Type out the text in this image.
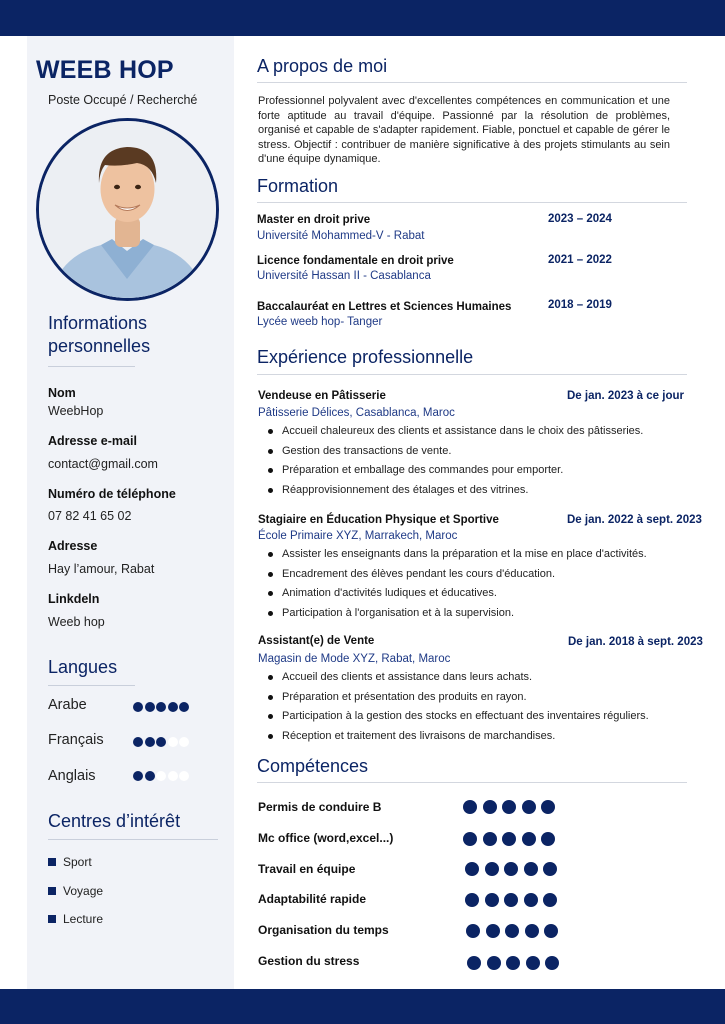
WEEB HOP
Poste Occupé / Recherché
Informations
personnelles
Nom
WeebHop
Adresse e-mail
contact@gmail.com
Numéro de téléphone
07 82 41 65 02
Adresse
Hay l’amour, Rabat
Linkdeln
Weeb hop
Langues
Arabe
Français
Anglais
Centres d’intérêt
Sport
Voyage
Lecture
A propos de moi
Professionnel polyvalent avec d'excellentes compétences en communication et une forte aptitude au travail d'équipe. Passionné par la résolution de problèmes, organisé et capable de s'adapter rapidement. Fiable, ponctuel et capable de gérer le stress. Objectif : contribuer de manière significative à des projets stimulants au sein d'une équipe dynamique.
Formation
Master en droit prive	2023 – 2024
Université Mohammed-V - Rabat
Licence fondamentale en droit prive	2021 – 2022
Université Hassan II - Casablanca
Baccalauréat en Lettres et Sciences Humaines	2018 – 2019
Lycée weeb hop- Tanger
Expérience professionnelle
Vendeuse en Pâtisserie	De jan. 2023 à ce jour
Pâtisserie Délices, Casablanca, Maroc
Accueil chaleureux des clients et assistance dans le choix des pâtisseries.
Gestion des transactions de vente.
Préparation et emballage des commandes pour emporter.
Réapprovisionnement des étalages et des vitrines.
Stagiaire en Éducation Physique et Sportive	De jan. 2022 à sept. 2023
École Primaire XYZ, Marrakech, Maroc
Assister les enseignants dans la préparation et la mise en place d'activités.
Encadrement des élèves pendant les cours d'éducation.
Animation d'activités ludiques et éducatives.
Participation à l'organisation et à la supervision.
Assistant(e) de Vente	De jan. 2018 à sept. 2023
Magasin de Mode XYZ, Rabat, Maroc
Accueil des clients et assistance dans leurs achats.
Préparation et présentation des produits en rayon.
Participation à la gestion des stocks en effectuant des inventaires réguliers.
Réception et traitement des livraisons de marchandises.
Compétences
Permis de conduire B
Mc office (word,excel...)
Travail en équipe
Adaptabilité rapide
Organisation du temps
Gestion du stress
